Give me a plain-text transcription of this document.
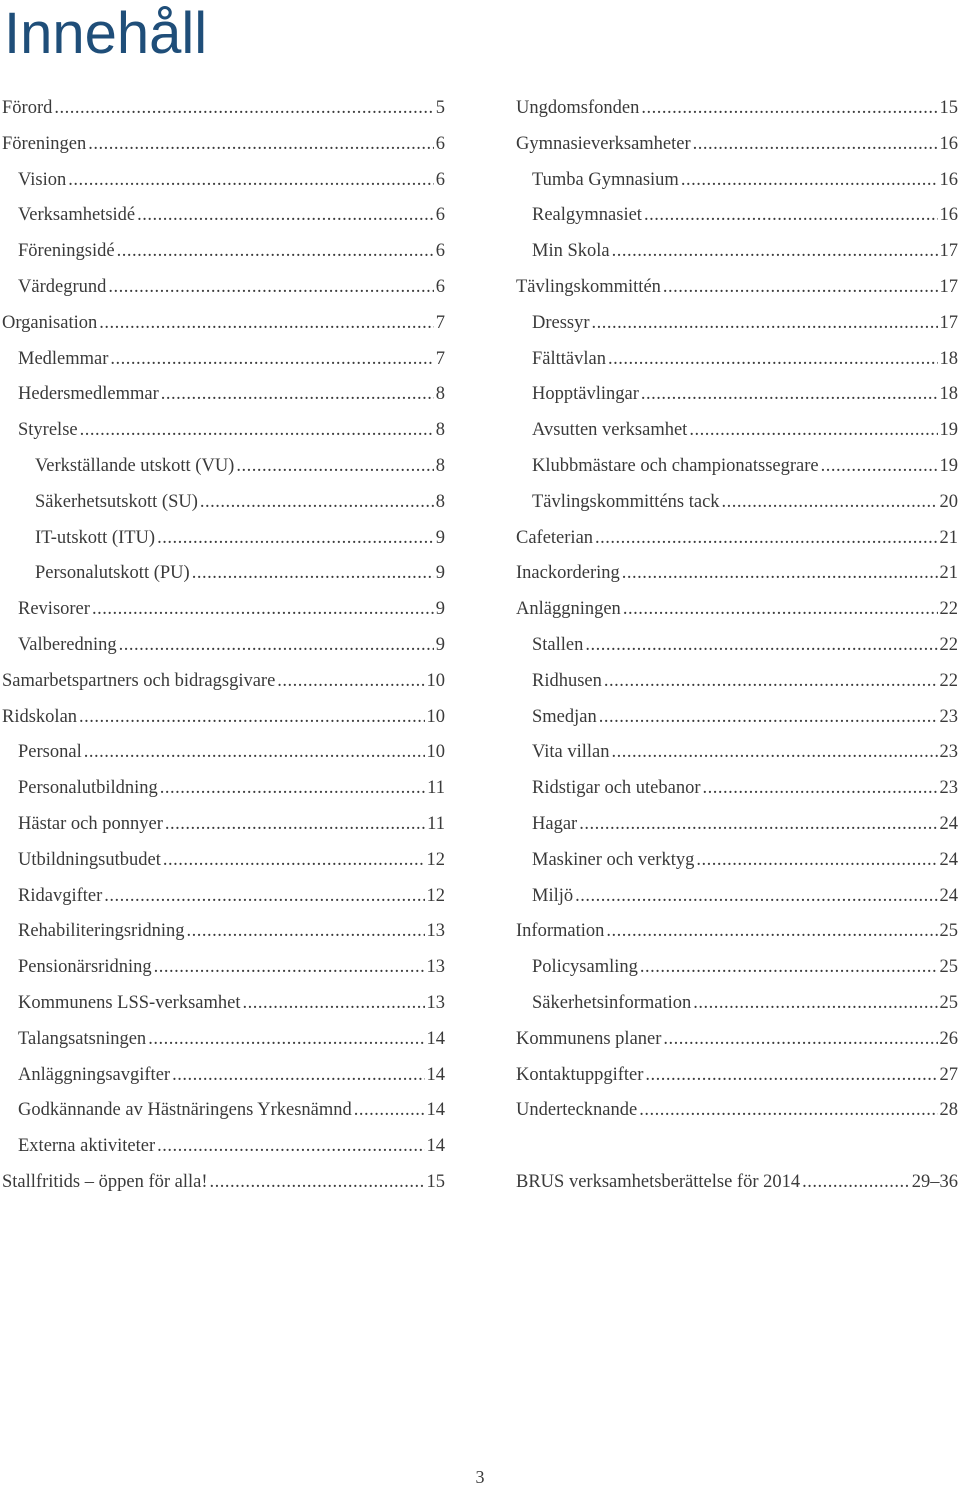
Innehåll
Förord .....	5
Föreningen .....	6
Vision .....	6
Verksamhetsidé .....	6
Föreningsidé .....	6
Värdegrund .....	6
Organisation .....	7
Medlemmar .....	7
Hedersmedlemmar .....	8
Styrelse .....	8
Verkställande utskott (VU) .....	8
Säkerhetsutskott (SU) .....	8
IT-utskott (ITU) .....	9
Personalutskott (PU) .....	9
Revisorer .....	9
Valberedning .....	9
Samarbetspartners och bidragsgivare .....	10
Ridskolan .....	10
Personal .....	10
Personalutbildning .....	11
Hästar och ponnyer .....	11
Utbildningsutbudet .....	12
Ridavgifter .....	12
Rehabiliteringsridning .....	13
Pensionärsridning .....	13
Kommunens LSS-verksamhet .....	13
Talangsatsningen .....	14
Anläggningsavgifter .....	14
Godkännande av Hästnäringens Yrkesnämnd .....	14
Externa aktiviteter .....	14
Stallfritids – öppen för alla! .....	15
Ungdomsfonden .....	15
Gymnasieverksamheter .....	16
Tumba Gymnasium .....	16
Realgymnasiet .....	16
Min Skola .....	17
Tävlingskommittén .....	17
Dressyr .....	17
Fälttävlan .....	18
Hopptävlingar .....	18
Avsutten verksamhet .....	19
Klubbmästare och championatssegrare .....	19
Tävlingskommitténs tack .....	20
Cafeterian .....	21
Inackordering .....	21
Anläggningen .....	22
Stallen .....	22
Ridhusen .....	22
Smedjan .....	23
Vita villan .....	23
Ridstigar och utebanor .....	23
Hagar .....	24
Maskiner och verktyg .....	24
Miljö .....	24
Information .....	25
Policysamling .....	25
Säkerhetsinformation .....	25
Kommunens planer .....	26
Kontaktuppgifter .....	27
Undertecknande .....	28
BRUS verksamhetsberättelse för 2014 .....	29–36
3
